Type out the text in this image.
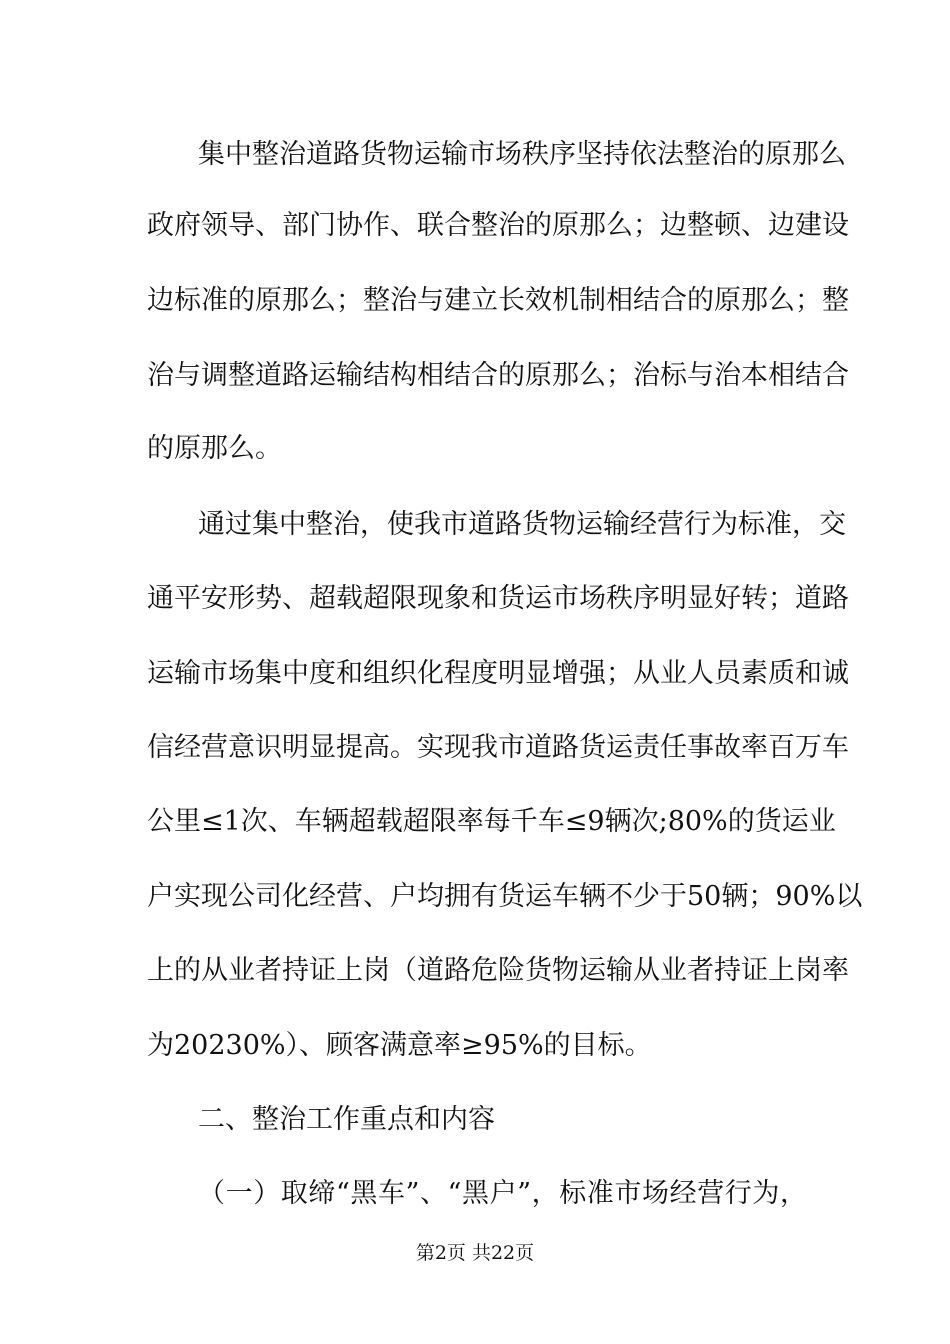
集中整治道路货物运输市场秩序坚持依法整治的原那么
政府领导、部门协作、联合整治的原那么；边整顿、边建设
边标准的原那么；整治与建立长效机制相结合的原那么；整
治与调整道路运输结构相结合的原那么；治标与治本相结合
的原那么。
通过集中整治，使我市道路货物运输经营行为标准，交
通平安形势、超载超限现象和货运市场秩序明显好转；道路
运输市场集中度和组织化程度明显增强；从业人员素质和诚
信经营意识明显提高。实现我市道路货运责任事故率百万车
公里≤1次、车辆超载超限率每千车≤9辆次;80%的货运业
户实现公司化经营、户均拥有货运车辆不少于50辆；90%以
上的从业者持证上岗（道路危险货物运输从业者持证上岗率
为20230%）、顾客满意率≥95%的目标。
二、整治工作重点和内容
（一）取缔“黑车”、“黑户”，标准市场经营行为，
第2页 共22页
